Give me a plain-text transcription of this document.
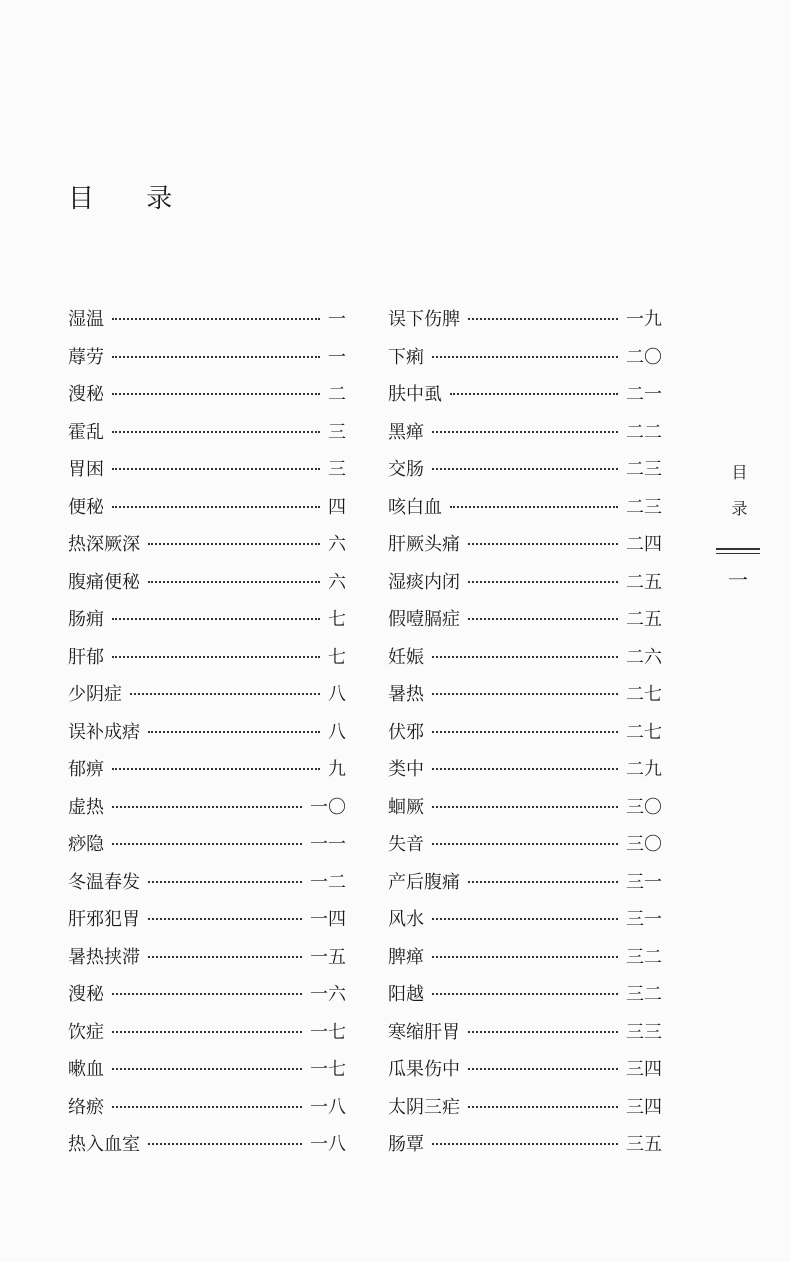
目 录
湿温	一
蓐劳	一
溲秘	二
霍乱	三
胃困	三
便秘	四
热深厥深	六
腹痛便秘	六
肠痈	七
肝郁	七
少阴症	八
误补成痞	八
郁痹	九
虚热	一〇
痧隐	一一
冬温春发	一二
肝邪犯胃	一四
暑热挟滞	一五
溲秘	一六
饮症	一七
嗽血	一七
络瘀	一八
热入血室	一八
误下伤脾	一九
下痢	二〇
肤中虱	二一
黑瘅	二二
交肠	二三
咳白血	二三
肝厥头痛	二四
湿痰内闭	二五
假噎膈症	二五
妊娠	二六
暑热	二七
伏邪	二七
类中	二九
蛔厥	三〇
失音	三〇
产后腹痛	三一
风水	三一
脾瘅	三二
阳越	三二
寒缩肝胃	三三
瓜果伤中	三四
太阴三疟	三四
肠覃	三五
目录
一
